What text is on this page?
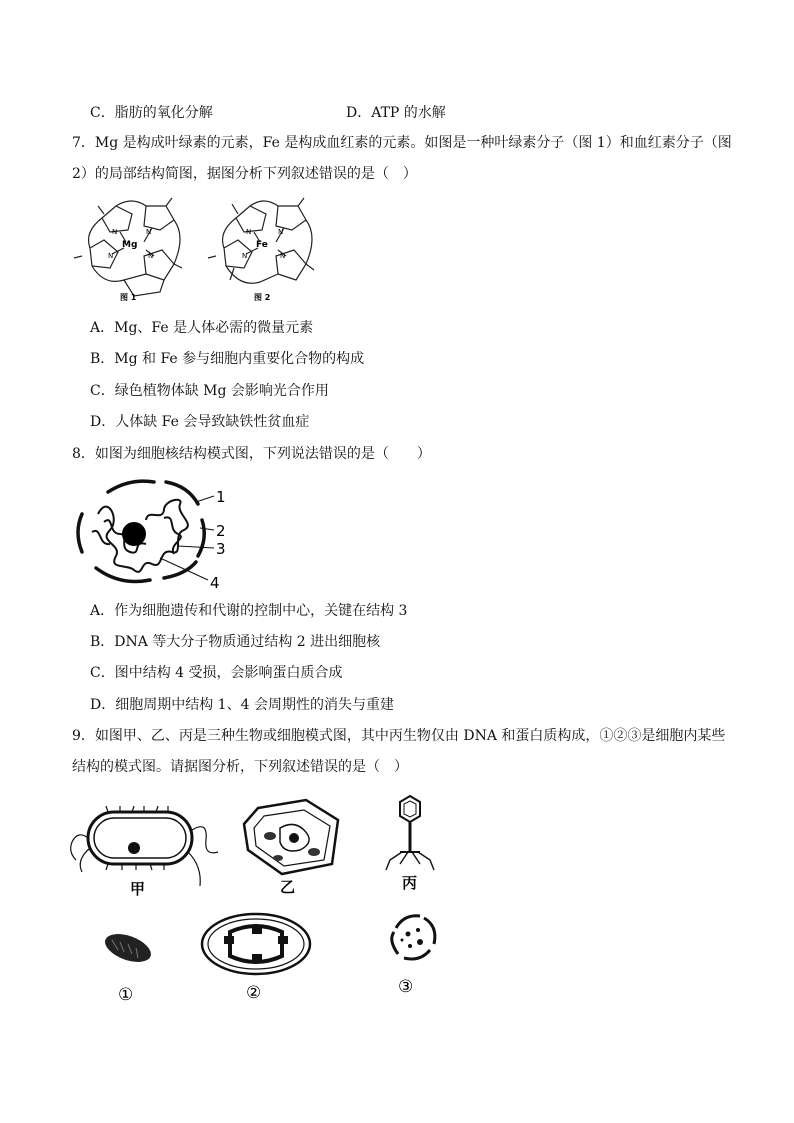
C．脂肪的氧化分解	D．ATP 的水解
7．Mg 是构成叶绿素的元素，Fe 是构成血红素的元素。如图是一种叶绿素分子（图 1）和血红素分子（图
2）的局部结构简图，据图分析下列叙述错误的是（　）
Mg
N	N
N	N
图 1
Fe
N	N
N	N
图 2
A．Mg、Fe 是人体必需的微量元素
B．Mg 和 Fe 参与细胞内重要化合物的构成
C．绿色植物体缺 Mg 会影响光合作用
D．人体缺 Fe 会导致缺铁性贫血症
8．如图为细胞核结构模式图，下列说法错误的是（　　）
1
2
3
4
A．作为细胞遗传和代谢的控制中心，关键在结构 3
B．DNA 等大分子物质通过结构 2 进出细胞核
C．图中结构 4 受损，会影响蛋白质合成
D．细胞周期中结构 1、4 会周期性的消失与重建
9．如图甲、乙、丙是三种生物或细胞模式图，其中丙生物仅由 DNA 和蛋白质构成，①②③是细胞内某些
结构的模式图。请据图分析，下列叙述错误的是（　）
甲	乙	丙
①	②	③
